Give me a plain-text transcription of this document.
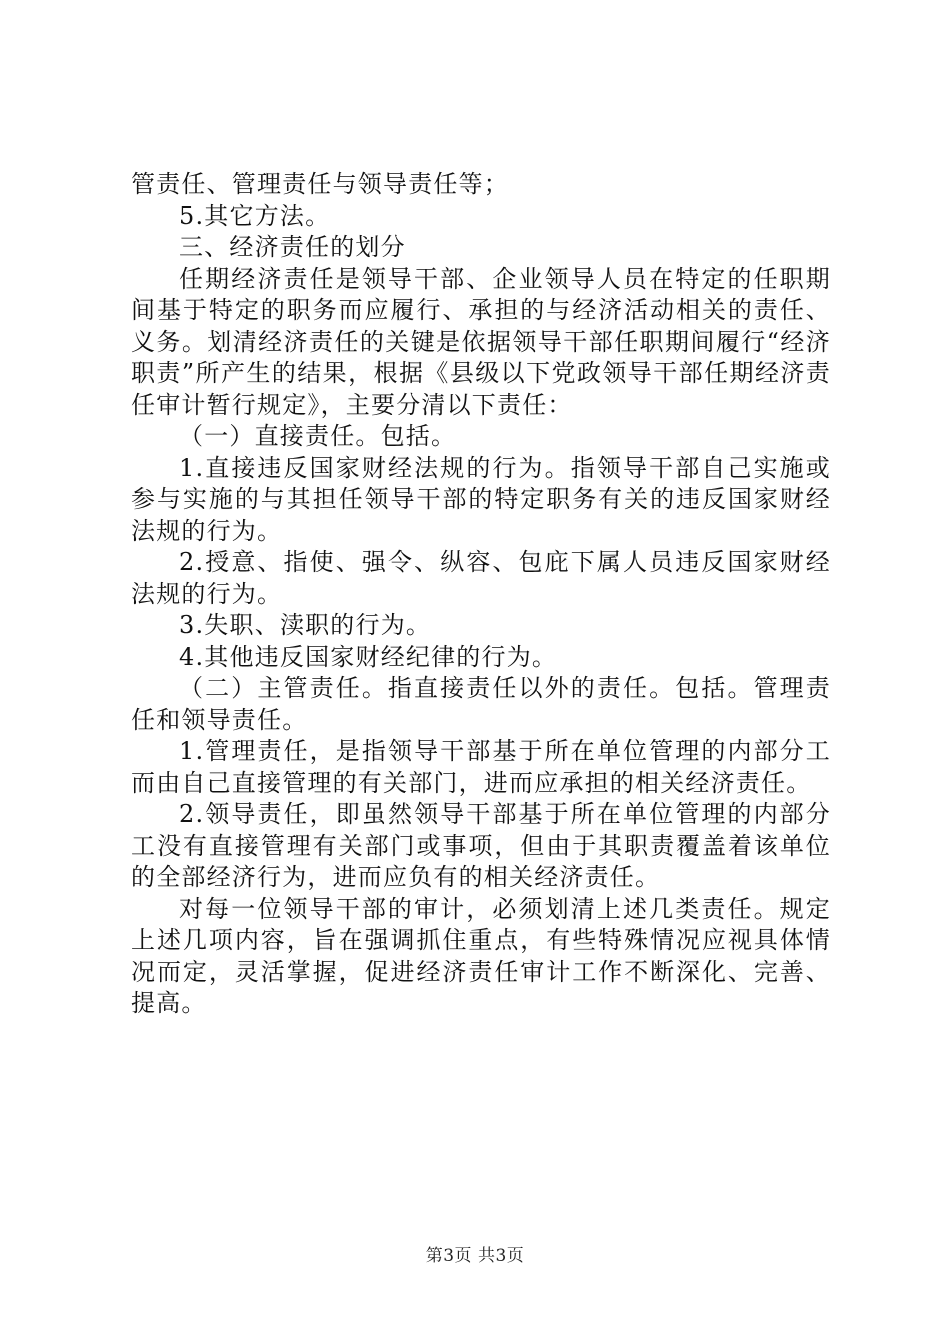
管责任、管理责任与领导责任等；

5.其它方法。

三、经济责任的划分

任期经济责任是领导干部、企业领导人员在特定的任职期间基于特定的职务而应履行、承担的与经济活动相关的责任、义务。划清经济责任的关键是依据领导干部任职期间履行“经济职责”所产生的结果，根据《县级以下党政领导干部任期经济责任审计暂行规定》，主要分清以下责任：

（一）直接责任。包括。

1.直接违反国家财经法规的行为。指领导干部自己实施或参与实施的与其担任领导干部的特定职务有关的违反国家财经法规的行为。

2.授意、指使、强令、纵容、包庇下属人员违反国家财经法规的行为。

3.失职、渎职的行为。

4.其他违反国家财经纪律的行为。

（二）主管责任。指直接责任以外的责任。包括。管理责任和领导责任。

1.管理责任，是指领导干部基于所在单位管理的内部分工而由自己直接管理的有关部门，进而应承担的相关经济责任。

2.领导责任，即虽然领导干部基于所在单位管理的内部分工没有直接管理有关部门或事项，但由于其职责覆盖着该单位的全部经济行为，进而应负有的相关经济责任。

对每一位领导干部的审计，必须划清上述几类责任。规定上述几项内容，旨在强调抓住重点，有些特殊情况应视具体情况而定，灵活掌握，促进经济责任审计工作不断深化、完善、提高。

第3页 共3页
